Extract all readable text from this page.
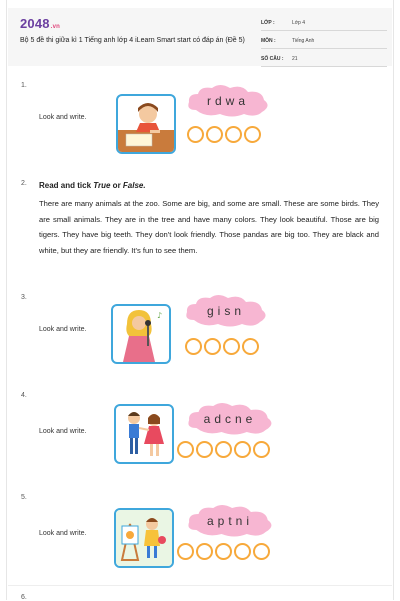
2048.vn
Bộ 5 đề thi giữa kì 1 Tiếng anh lớp 4 iLearn Smart start có đáp án (Đề 5)
LỚP :	Lớp 4
MÔN :	Tiếng Anh
SỐ CÂU : 21
1.
Look and write.
rdwa
2. Read and tick True or False.
There are many animals at the zoo. Some are big, and some are small. These are some birds. They are small animals. They are in the tree and have many colors. They look beautiful. Those are big tigers. They have big teeth. They don't look friendly. Those pandas are big too. They are black and white, but they are friendly. It's fun to see them.
3.
Look and write.
♪	gisn
4.
Look and write.
adcne
5.
Look and write.
aptni
6.
